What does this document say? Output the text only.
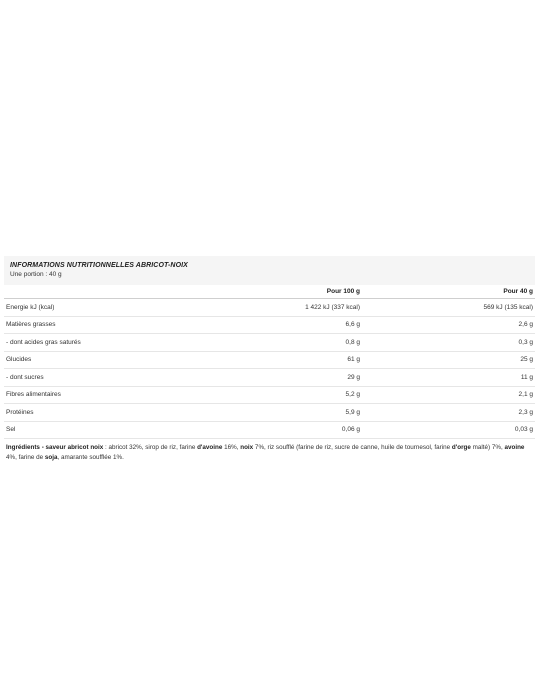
INFORMATIONS NUTRITIONNELLES ABRICOT-NOIX
Une portion : 40 g
	Pour 100 g		Pour 40 g
Energie kJ (kcal)	1 422 kJ (337 kcal)		569 kJ (135 kcal)
Matières grasses	6,6 g		2,6 g
- dont acides gras saturés	0,8 g		0,3 g
Glucides	61 g		25 g
- dont sucres	29 g		11 g
Fibres alimentaires	5,2 g		2,1 g
Protéines	5,9 g		2,3 g
Sel	0,06 g		0,03 g
Ingrédients - saveur abricot noix : abricot 32%, sirop de riz, farine d'avoine 16%, noix 7%, riz soufflé (farine de riz, sucre de canne, huile de tournesol, farine d'orge malté) 7%, avoine 4%, farine de soja, amarante soufflée 1%.
